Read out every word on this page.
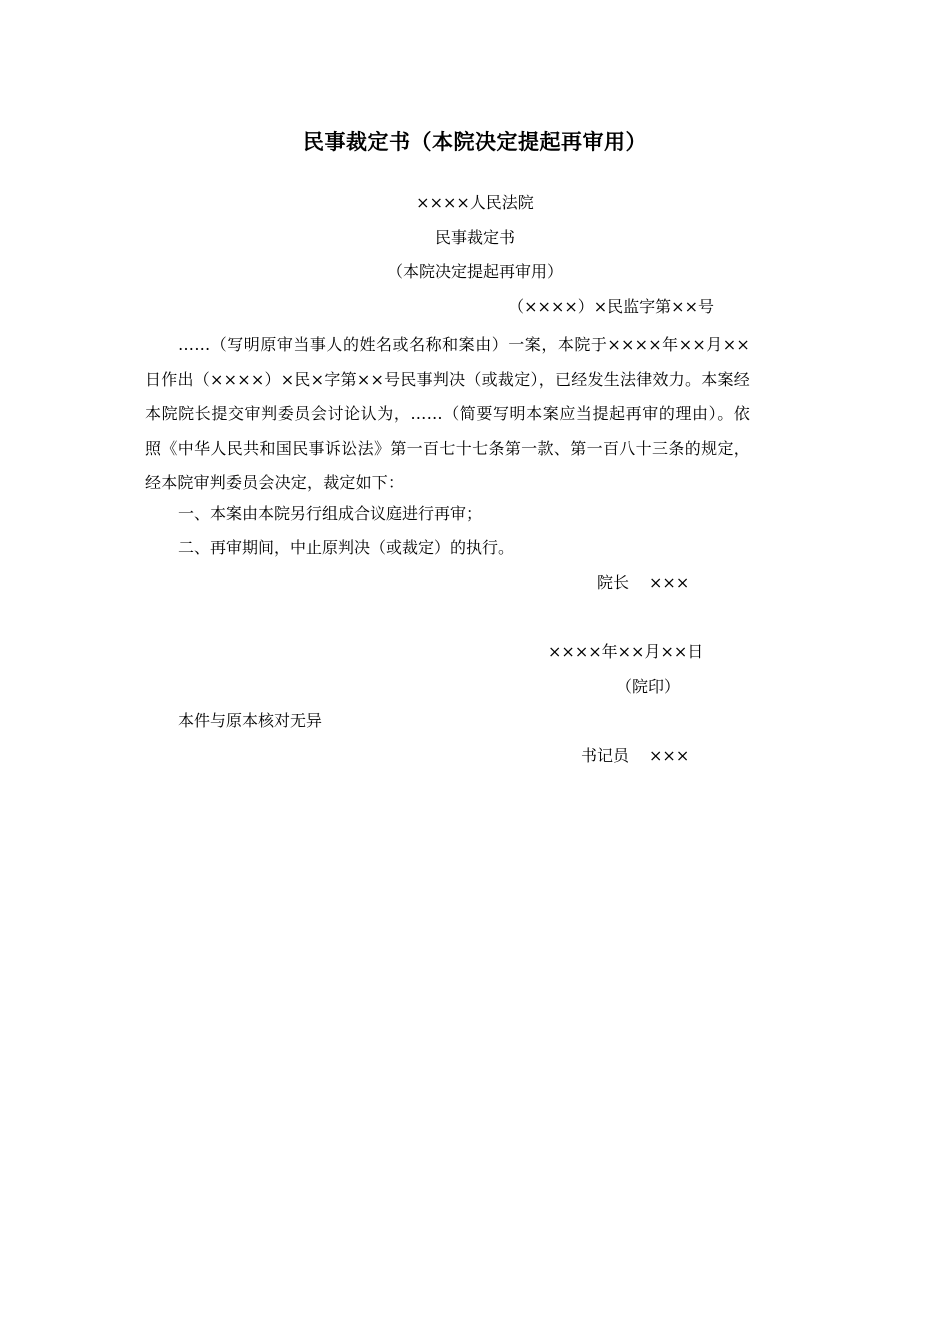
民事裁定书（本院决定提起再审用）
××××人民法院
民事裁定书
（本院决定提起再审用）
（××××）×民监字第××号

……（写明原审当事人的姓名或名称和案由）一案，本院于××××年××月××日作出（××××）×民×字第××号民事判决（或裁定），已经发生法律效力。本案经本院院长提交审判委员会讨论认为，……（简要写明本案应当提起再审的理由）。依照《中华人民共和国民事诉讼法》第一百七十七条第一款、第一百八十三条的规定，经本院审判委员会决定，裁定如下：

一、本案由本院另行组成合议庭进行再审；
二、再审期间，中止原判决（或裁定）的执行。
院长 ×××
××××年××月××日
（院印）
本件与原本核对无异
书记员 ×××
